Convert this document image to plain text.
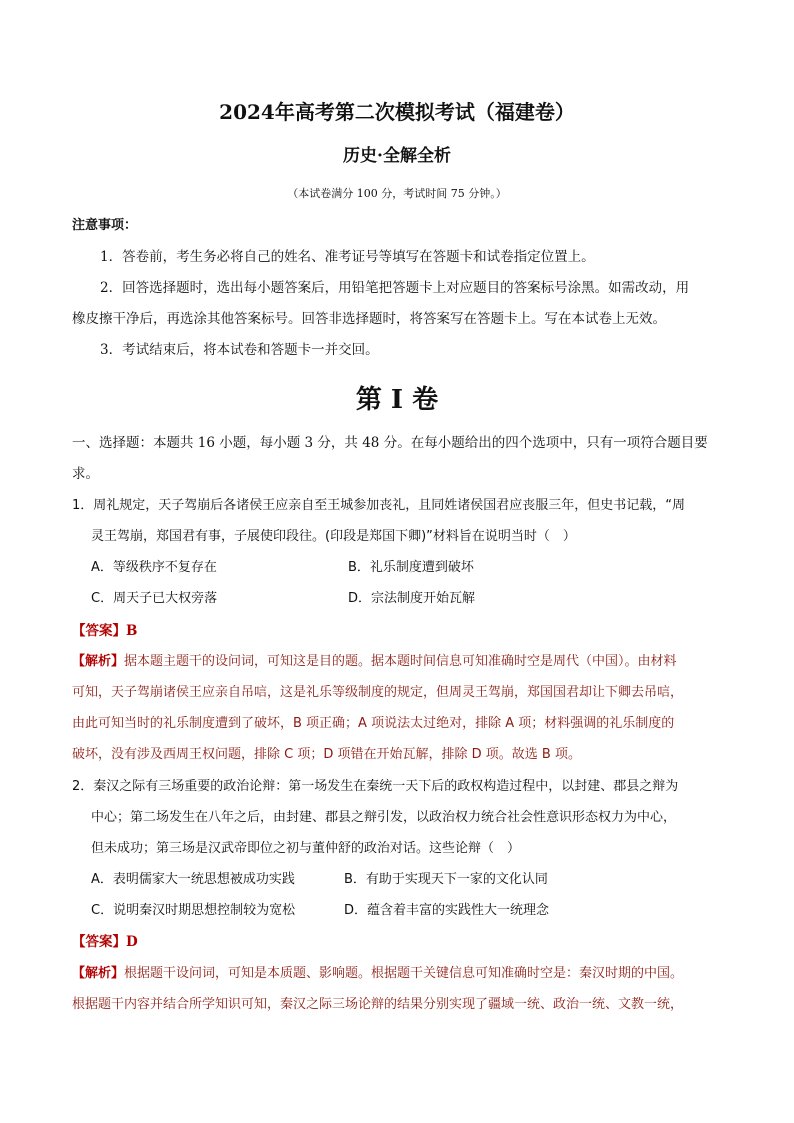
2024年高考第二次模拟考试（福建卷）
历史·全解全析
（本试卷满分 100 分，考试时间 75 分钟。）
注意事项：
1．答卷前，考生务必将自己的姓名、准考证号等填写在答题卡和试卷指定位置上。
2．回答选择题时，选出每小题答案后，用铅笔把答题卡上对应题目的答案标号涂黑。如需改动，用
橡皮擦干净后，再选涂其他答案标号。回答非选择题时，将答案写在答题卡上。写在本试卷上无效。
3．考试结束后，将本试卷和答题卡一并交回。
第 I 卷
一、选择题：本题共 16 小题，每小题 3 分，共 48 分。在每小题给出的四个选项中，只有一项符合题目要
求。
1．周礼规定，天子驾崩后各诸侯王应亲自至王城参加丧礼，且同姓诸侯国君应丧服三年，但史书记载，“周
灵王驾崩，郑国君有事，子展使印段往。(印段是郑国下卿)”材料旨在说明当时（　）
A．等级秩序不复存在	B．礼乐制度遭到破坏
C．周天子已大权旁落	D．宗法制度开始瓦解
【答案】B
【解析】据本题主题干的设问词，可知这是目的题。据本题时间信息可知准确时空是周代（中国）。由材料
可知，天子驾崩诸侯王应亲自吊唁，这是礼乐等级制度的规定，但周灵王驾崩，郑国国君却让下卿去吊唁，
由此可知当时的礼乐制度遭到了破坏，B 项正确；A 项说法太过绝对，排除 A 项；材料强调的礼乐制度的
破坏，没有涉及西周王权问题，排除 C 项；D 项错在开始瓦解，排除 D 项。故选 B 项。
2．秦汉之际有三场重要的政治论辩：第一场发生在秦统一天下后的政权构造过程中，以封建、郡县之辩为
中心；第二场发生在八年之后，由封建、郡县之辩引发，以政治权力统合社会性意识形态权力为中心，
但未成功；第三场是汉武帝即位之初与董仲舒的政治对话。这些论辩（　）
A．表明儒家大一统思想被成功实践	B．有助于实现天下一家的文化认同
C．说明秦汉时期思想控制较为宽松	D．蕴含着丰富的实践性大一统理念
【答案】D
【解析】根据题干设问词，可知是本质题、影响题。根据题干关键信息可知准确时空是：秦汉时期的中国。
根据题干内容并结合所学知识可知，秦汉之际三场论辩的结果分别实现了疆域一统、政治一统、文教一统，
